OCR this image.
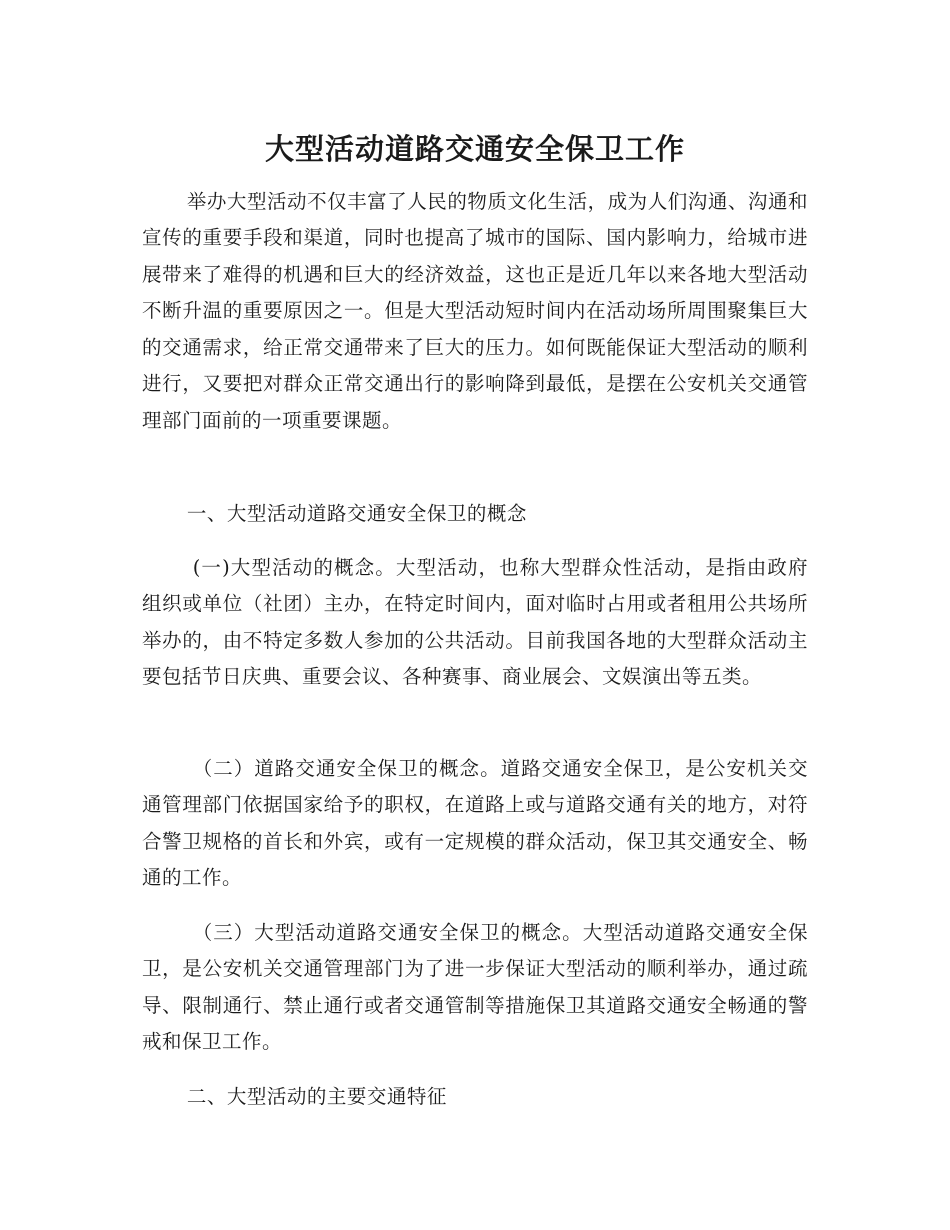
大型活动道路交通安全保卫工作

举办大型活动不仅丰富了人民的物质文化生活，成为人们沟通、沟通和宣传的重要手段和渠道，同时也提高了城市的国际、国内影响力，给城市进展带来了难得的机遇和巨大的经济效益，这也正是近几年以来各地大型活动不断升温的重要原因之一。但是大型活动短时间内在活动场所周围聚集巨大的交通需求，给正常交通带来了巨大的压力。如何既能保证大型活动的顺利进行，又要把对群众正常交通出行的影响降到最低，是摆在公安机关交通管理部门面前的一项重要课题。

一、大型活动道路交通安全保卫的概念

(一)大型活动的概念。大型活动，也称大型群众性活动，是指由政府组织或单位（社团）主办，在特定时间内，面对临时占用或者租用公共场所举办的，由不特定多数人参加的公共活动。目前我国各地的大型群众活动主要包括节日庆典、重要会议、各种赛事、商业展会、文娱演出等五类。

（二）道路交通安全保卫的概念。道路交通安全保卫，是公安机关交通管理部门依据国家给予的职权，在道路上或与道路交通有关的地方，对符合警卫规格的首长和外宾，或有一定规模的群众活动，保卫其交通安全、畅通的工作。

（三）大型活动道路交通安全保卫的概念。大型活动道路交通安全保卫，是公安机关交通管理部门为了进一步保证大型活动的顺利举办，通过疏导、限制通行、禁止通行或者交通管制等措施保卫其道路交通安全畅通的警戒和保卫工作。

二、大型活动的主要交通特征
